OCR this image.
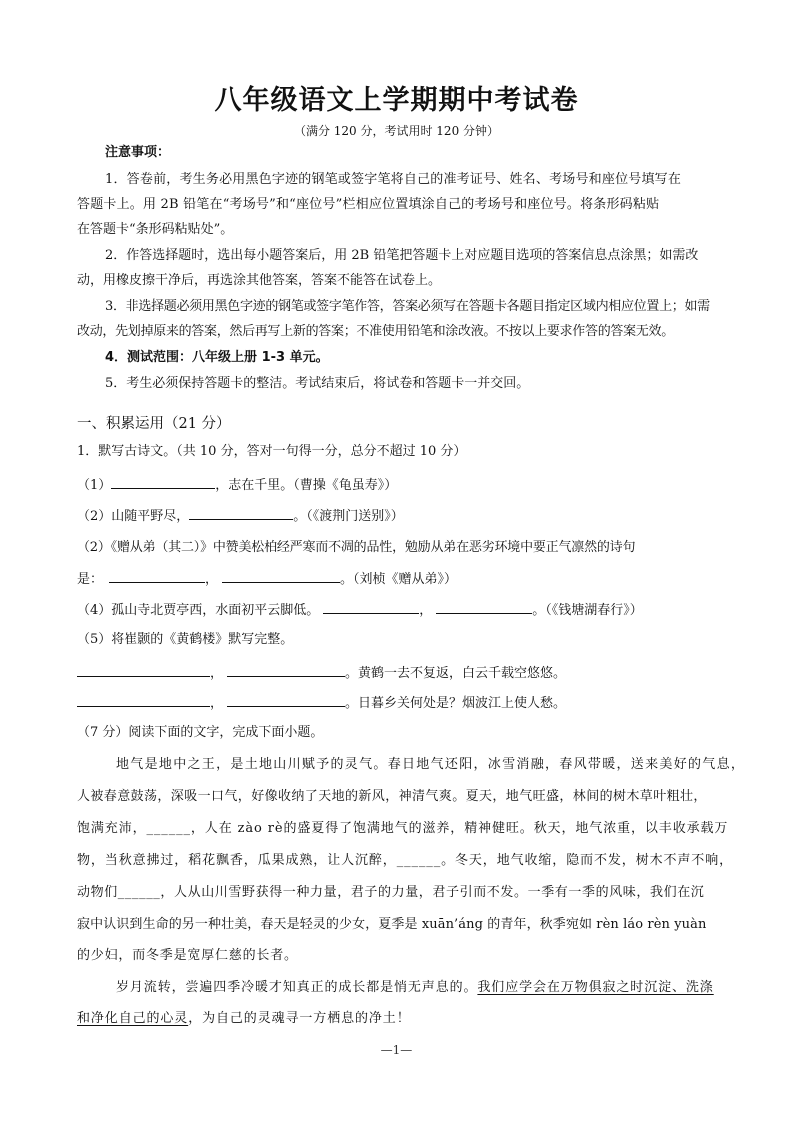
八年级语文上学期期中考试卷
（满分 120 分，考试用时 120 分钟）
注意事项：
1．答卷前，考生务必用黑色字迹的钢笔或签字笔将自己的准考证号、姓名、考场号和座位号填写在
答题卡上。用 2B 铅笔在“考场号”和“座位号”栏相应位置填涂自己的考场号和座位号。将条形码粘贴
在答题卡“条形码粘贴处”。
2．作答选择题时，选出每小题答案后，用 2B 铅笔把答题卡上对应题目选项的答案信息点涂黑；如需改
动，用橡皮擦干净后，再选涂其他答案，答案不能答在试卷上。
3．非选择题必须用黑色字迹的钢笔或签字笔作答，答案必须写在答题卡各题目指定区域内相应位置上；如需
改动，先划掉原来的答案，然后再写上新的答案；不准使用铅笔和涂改液。不按以上要求作答的答案无效。
4．测试范围：八年级上册 1-3 单元。
5．考生必须保持答题卡的整洁。考试结束后，将试卷和答题卡一并交回。
一、积累运用（21 分）
1．默写古诗文。（共 10 分，答对一句得一分，总分不超过 10 分）
（1）	，志在千里。（曹操《龟虽寿》）
（2）山随平野尽，	。（《渡荆门送别》）
（2）《赠从弟（其二）》中赞美松柏经严寒而不凋的品性，勉励从弟在恶劣环境中要正气凛然的诗句
是：	，	。（刘桢《赠从弟》）
（4）孤山寺北贾亭西，水面初平云脚低。	，	。（《钱塘湖春行》）
（5）将崔颢的《黄鹤楼》默写完整。
，	。黄鹤一去不复返，白云千载空悠悠。
，	。日暮乡关何处是？烟波江上使人愁。
（7 分）阅读下面的文字，完成下面小题。
地气是地中之王，是土地山川赋予的灵气。春日地气还阳，冰雪消融，春风带暖，送来美好的气息，
人被春意鼓荡，深吸一口气，好像收纳了天地的新风，神清气爽。夏天，地气旺盛，林间的树木草叶粗壮，
饱满充沛，______，人在 zào rè的盛夏得了饱满地气的滋养，精神健旺。秋天，地气浓重，以丰收承载万
物，当秋意拂过，稻花飘香，瓜果成熟，让人沉醉，______。冬天，地气收缩，隐而不发，树木不声不响，
动物们______，人从山川雪野获得一种力量，君子的力量，君子引而不发。一季有一季的风味，我们在沉
寂中认识到生命的另一种壮美，春天是轻灵的少女，夏季是 xuān’áng 的青年，秋季宛如 rèn láo rèn yuàn
的少妇，而冬季是宽厚仁慈的长者。
岁月流转，尝遍四季冷暖才知真正的成长都是悄无声息的。我们应学会在万物俱寂之时沉淀、洗涤
和净化自己的心灵，为自己的灵魂寻一方栖息的净土！
—1—
